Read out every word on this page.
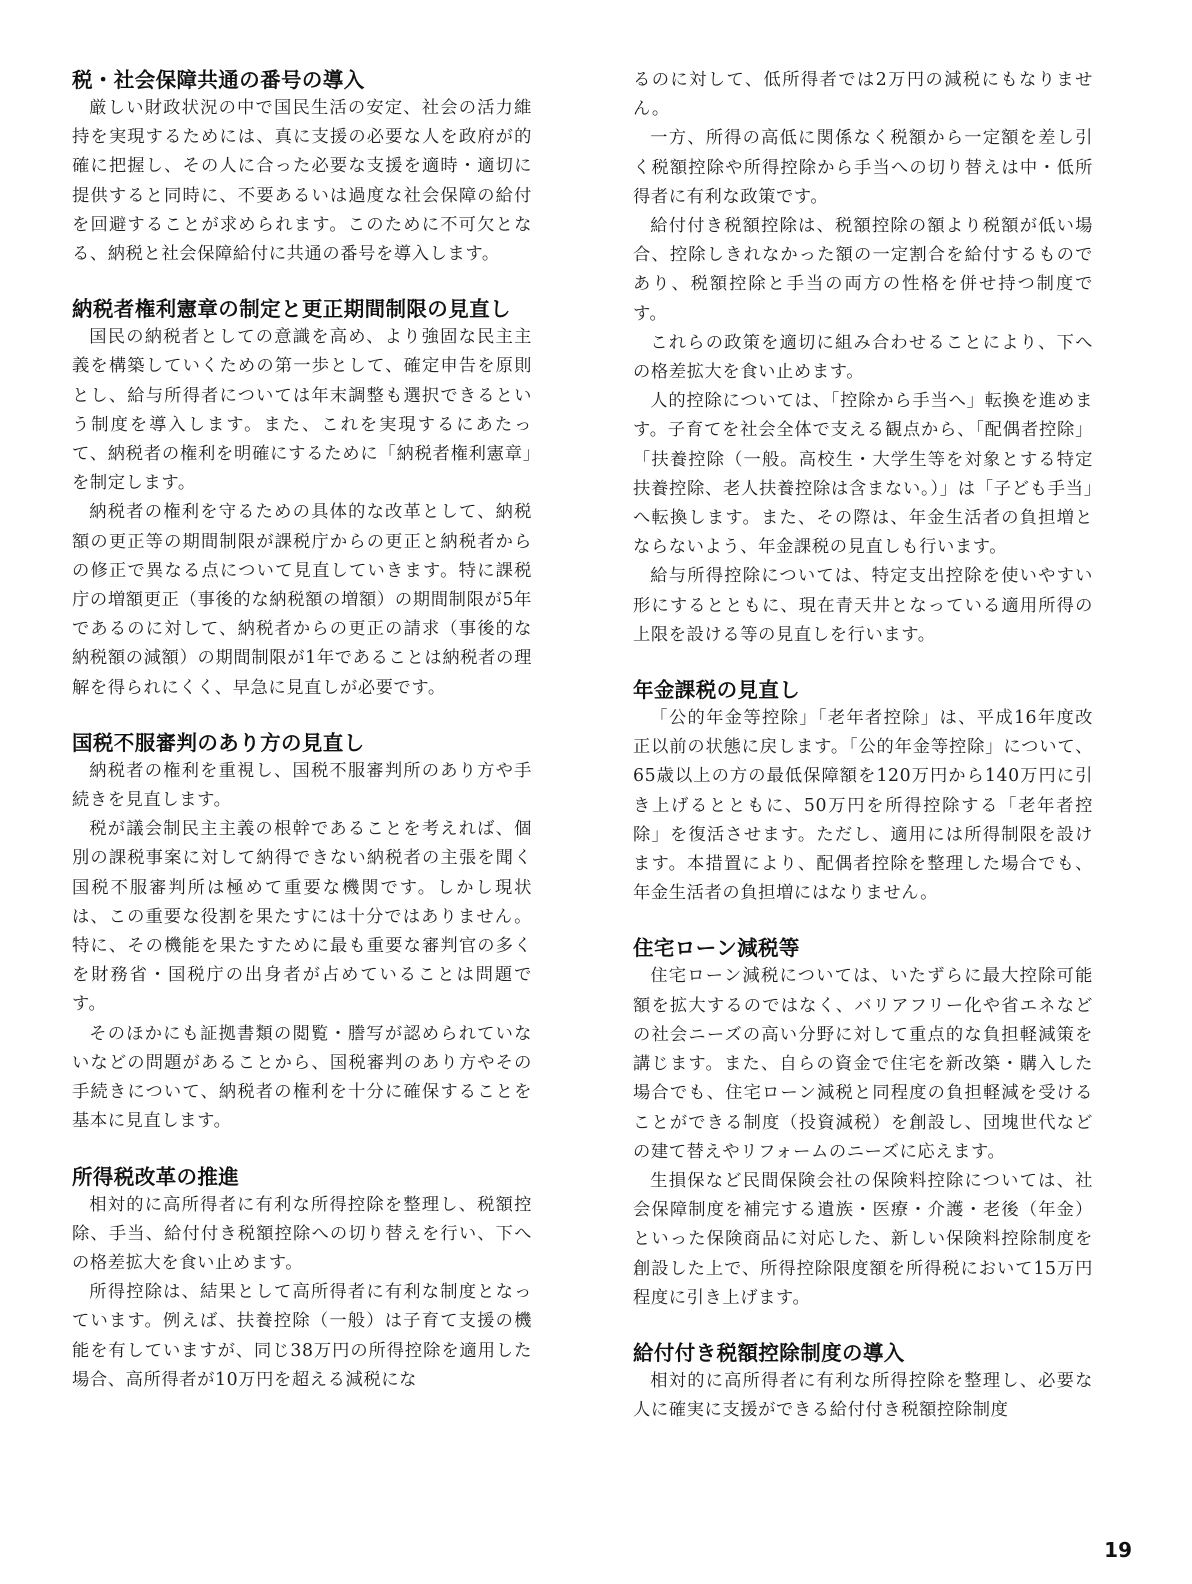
税・社会保障共通の番号の導入

厳しい財政状況の中で国民生活の安定、社会の活力維持を実現するためには、真に支援の必要な人を政府が的確に把握し、その人に合った必要な支援を適時・適切に提供すると同時に、不要あるいは過度な社会保障の給付を回避することが求められます。このために不可欠となる、納税と社会保障給付に共通の番号を導入します。

納税者権利憲章の制定と更正期間制限の見直し

国民の納税者としての意識を高め、より強固な民主主義を構築していくための第一歩として、確定申告を原則とし、給与所得者については年末調整も選択できるという制度を導入します。また、これを実現するにあたって、納税者の権利を明確にするために「納税者権利憲章」を制定します。

納税者の権利を守るための具体的な改革として、納税額の更正等の期間制限が課税庁からの更正と納税者からの修正で異なる点について見直していきます。特に課税庁の増額更正（事後的な納税額の増額）の期間制限が5年であるのに対して、納税者からの更正の請求（事後的な納税額の減額）の期間制限が1年であることは納税者の理解を得られにくく、早急に見直しが必要です。

国税不服審判のあり方の見直し

納税者の権利を重視し、国税不服審判所のあり方や手続きを見直します。

税が議会制民主主義の根幹であることを考えれば、個別の課税事案に対して納得できない納税者の主張を聞く国税不服審判所は極めて重要な機関です。しかし現状は、この重要な役割を果たすには十分ではありません。特に、その機能を果たすために最も重要な審判官の多くを財務省・国税庁の出身者が占めていることは問題です。

そのほかにも証拠書類の閲覧・謄写が認められていないなどの問題があることから、国税審判のあり方やその手続きについて、納税者の権利を十分に確保することを基本に見直します。

所得税改革の推進

相対的に高所得者に有利な所得控除を整理し、税額控除、手当、給付付き税額控除への切り替えを行い、下への格差拡大を食い止めます。

所得控除は、結果として高所得者に有利な制度となっています。例えば、扶養控除（一般）は子育て支援の機能を有していますが、同じ38万円の所得控除を適用した場合、高所得者が10万円を超える減税にな

るのに対して、低所得者では2万円の減税にもなりません。

一方、所得の高低に関係なく税額から一定額を差し引く税額控除や所得控除から手当への切り替えは中・低所得者に有利な政策です。

給付付き税額控除は、税額控除の額より税額が低い場合、控除しきれなかった額の一定割合を給付するものであり、税額控除と手当の両方の性格を併せ持つ制度です。

これらの政策を適切に組み合わせることにより、下への格差拡大を食い止めます。

人的控除については、「控除から手当へ」転換を進めます。子育てを社会全体で支える観点から、「配偶者控除」「扶養控除（一般。高校生・大学生等を対象とする特定扶養控除、老人扶養控除は含まない。）」は「子ども手当」へ転換します。また、その際は、年金生活者の負担増とならないよう、年金課税の見直しも行います。

給与所得控除については、特定支出控除を使いやすい形にするとともに、現在青天井となっている適用所得の上限を設ける等の見直しを行います。

年金課税の見直し

「公的年金等控除」「老年者控除」は、平成16年度改正以前の状態に戻します。「公的年金等控除」について、65歳以上の方の最低保障額を120万円から140万円に引き上げるとともに、50万円を所得控除する「老年者控除」を復活させます。ただし、適用には所得制限を設けます。本措置により、配偶者控除を整理した場合でも、年金生活者の負担増にはなりません。

住宅ローン減税等

住宅ローン減税については、いたずらに最大控除可能額を拡大するのではなく、バリアフリー化や省エネなどの社会ニーズの高い分野に対して重点的な負担軽減策を講じます。また、自らの資金で住宅を新改築・購入した場合でも、住宅ローン減税と同程度の負担軽減を受けることができる制度（投資減税）を創設し、団塊世代などの建て替えやリフォームのニーズに応えます。

生損保など民間保険会社の保険料控除については、社会保障制度を補完する遺族・医療・介護・老後（年金）といった保険商品に対応した、新しい保険料控除制度を創設した上で、所得控除限度額を所得税において15万円程度に引き上げます。

給付付き税額控除制度の導入

相対的に高所得者に有利な所得控除を整理し、必要な人に確実に支援ができる給付付き税額控除制度

19
